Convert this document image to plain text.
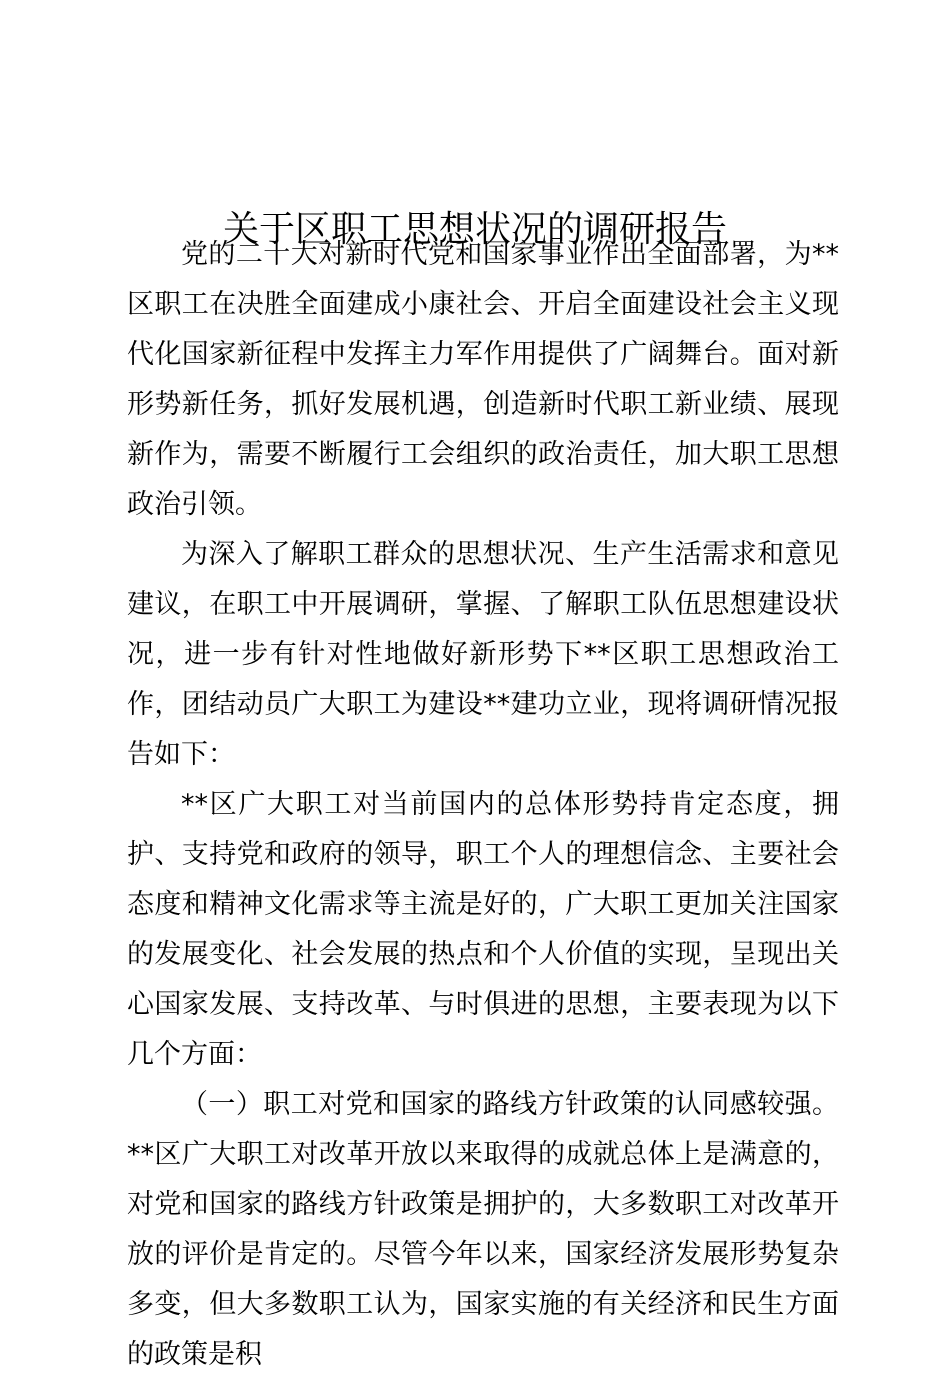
关于区职工思想状况的调研报告

党的二十大对新时代党和国家事业作出全面部署，为**区职工在决胜全面建成小康社会、开启全面建设社会主义现代化国家新征程中发挥主力军作用提供了广阔舞台。面对新形势新任务，抓好发展机遇，创造新时代职工新业绩、展现新作为，需要不断履行工会组织的政治责任，加大职工思想政治引领。

为深入了解职工群众的思想状况、生产生活需求和意见建议，在职工中开展调研，掌握、了解职工队伍思想建设状况，进一步有针对性地做好新形势下**区职工思想政治工作，团结动员广大职工为建设**建功立业，现将调研情况报告如下：

**区广大职工对当前国内的总体形势持肯定态度，拥护、支持党和政府的领导，职工个人的理想信念、主要社会态度和精神文化需求等主流是好的，广大职工更加关注国家的发展变化、社会发展的热点和个人价值的实现，呈现出关心国家发展、支持改革、与时俱进的思想，主要表现为以下几个方面：

（一）职工对党和国家的路线方针政策的认同感较强。**区广大职工对改革开放以来取得的成就总体上是满意的，对党和国家的路线方针政策是拥护的，大多数职工对改革开放的评价是肯定的。尽管今年以来，国家经济发展形势复杂多变，但大多数职工认为，国家实施的有关经济和民生方面的政策是积
